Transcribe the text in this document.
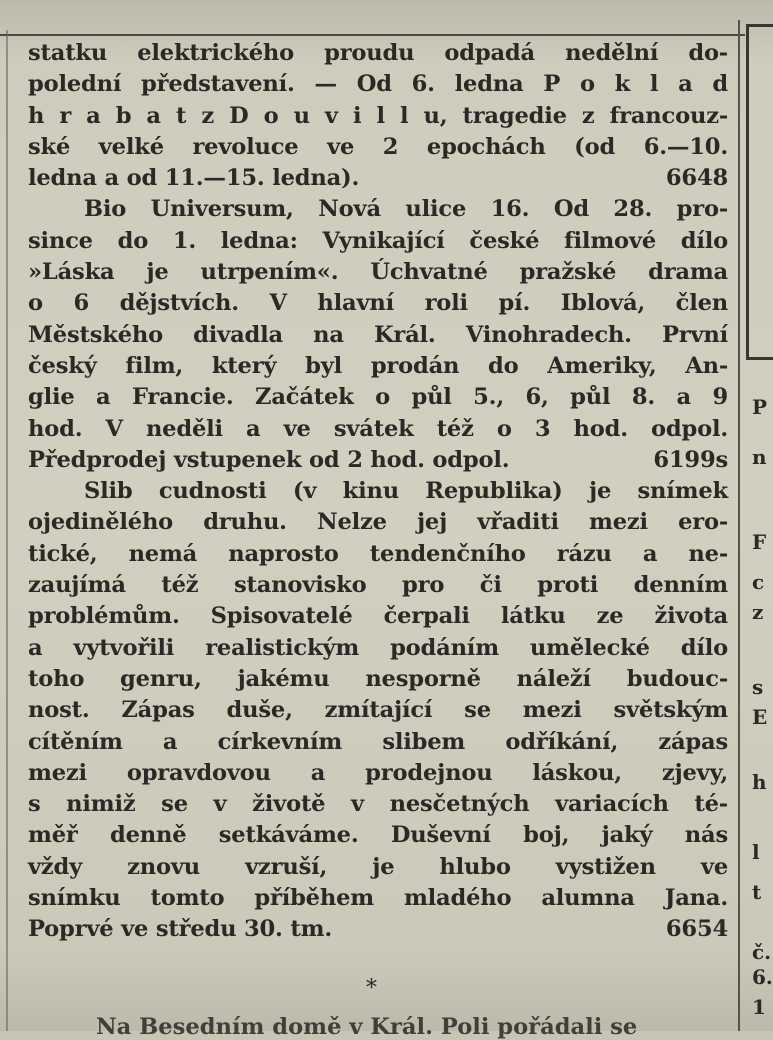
statku elektrického proudu odpadá nedělní do-
polední představení. — Od 6. ledna P o k l a d
h r a b a t z D o u v i l l u, tragedie z francouz-
ské velké revoluce ve 2 epochách (od 6.—10.
ledna a od 11.—15. ledna).	6648
Bio Universum, Nová ulice 16. Od 28. pro-
since do 1. ledna: Vynikající české filmové dílo
»Láska je utrpením«. Úchvatné pražské drama
o 6 dějstvích. V hlavní roli pí. Iblová, člen
Městského divadla na Král. Vinohradech. První
český film, který byl prodán do Ameriky, An-
glie a Francie. Začátek o půl 5., 6, půl 8. a 9
hod. V neděli a ve svátek též o 3 hod. odpol.
Předprodej vstupenek od 2 hod. odpol.	6199s
Slib cudnosti (v kinu Republika) je snímek
ojedinělého druhu. Nelze jej vřaditi mezi ero-
tické, nemá naprosto tendenčního rázu a ne-
zaujímá též stanovisko pro či proti denním
problémům. Spisovatelé čerpali látku ze života
a vytvořili realistickým podáním umělecké dílo
toho genru, jakému nesporně náleží budouc-
nost. Zápas duše, zmítající se mezi světským
cítěním a církevním slibem odříkání, zápas
mezi opravdovou a prodejnou láskou, zjevy,
s nimiž se v životě v nesčetných variacích té-
měř denně setkáváme. Duševní boj, jaký nás
vždy znovu vzruší, je hlubo vystižen ve
snímku tomto příběhem mladého alumna Jana.
Poprvé ve středu 30. tm.	6654
*
Na Besedním domě v Král. Poli pořádali se
P
n
F
c
z
s
E
h
l
t
č.
6.
1
